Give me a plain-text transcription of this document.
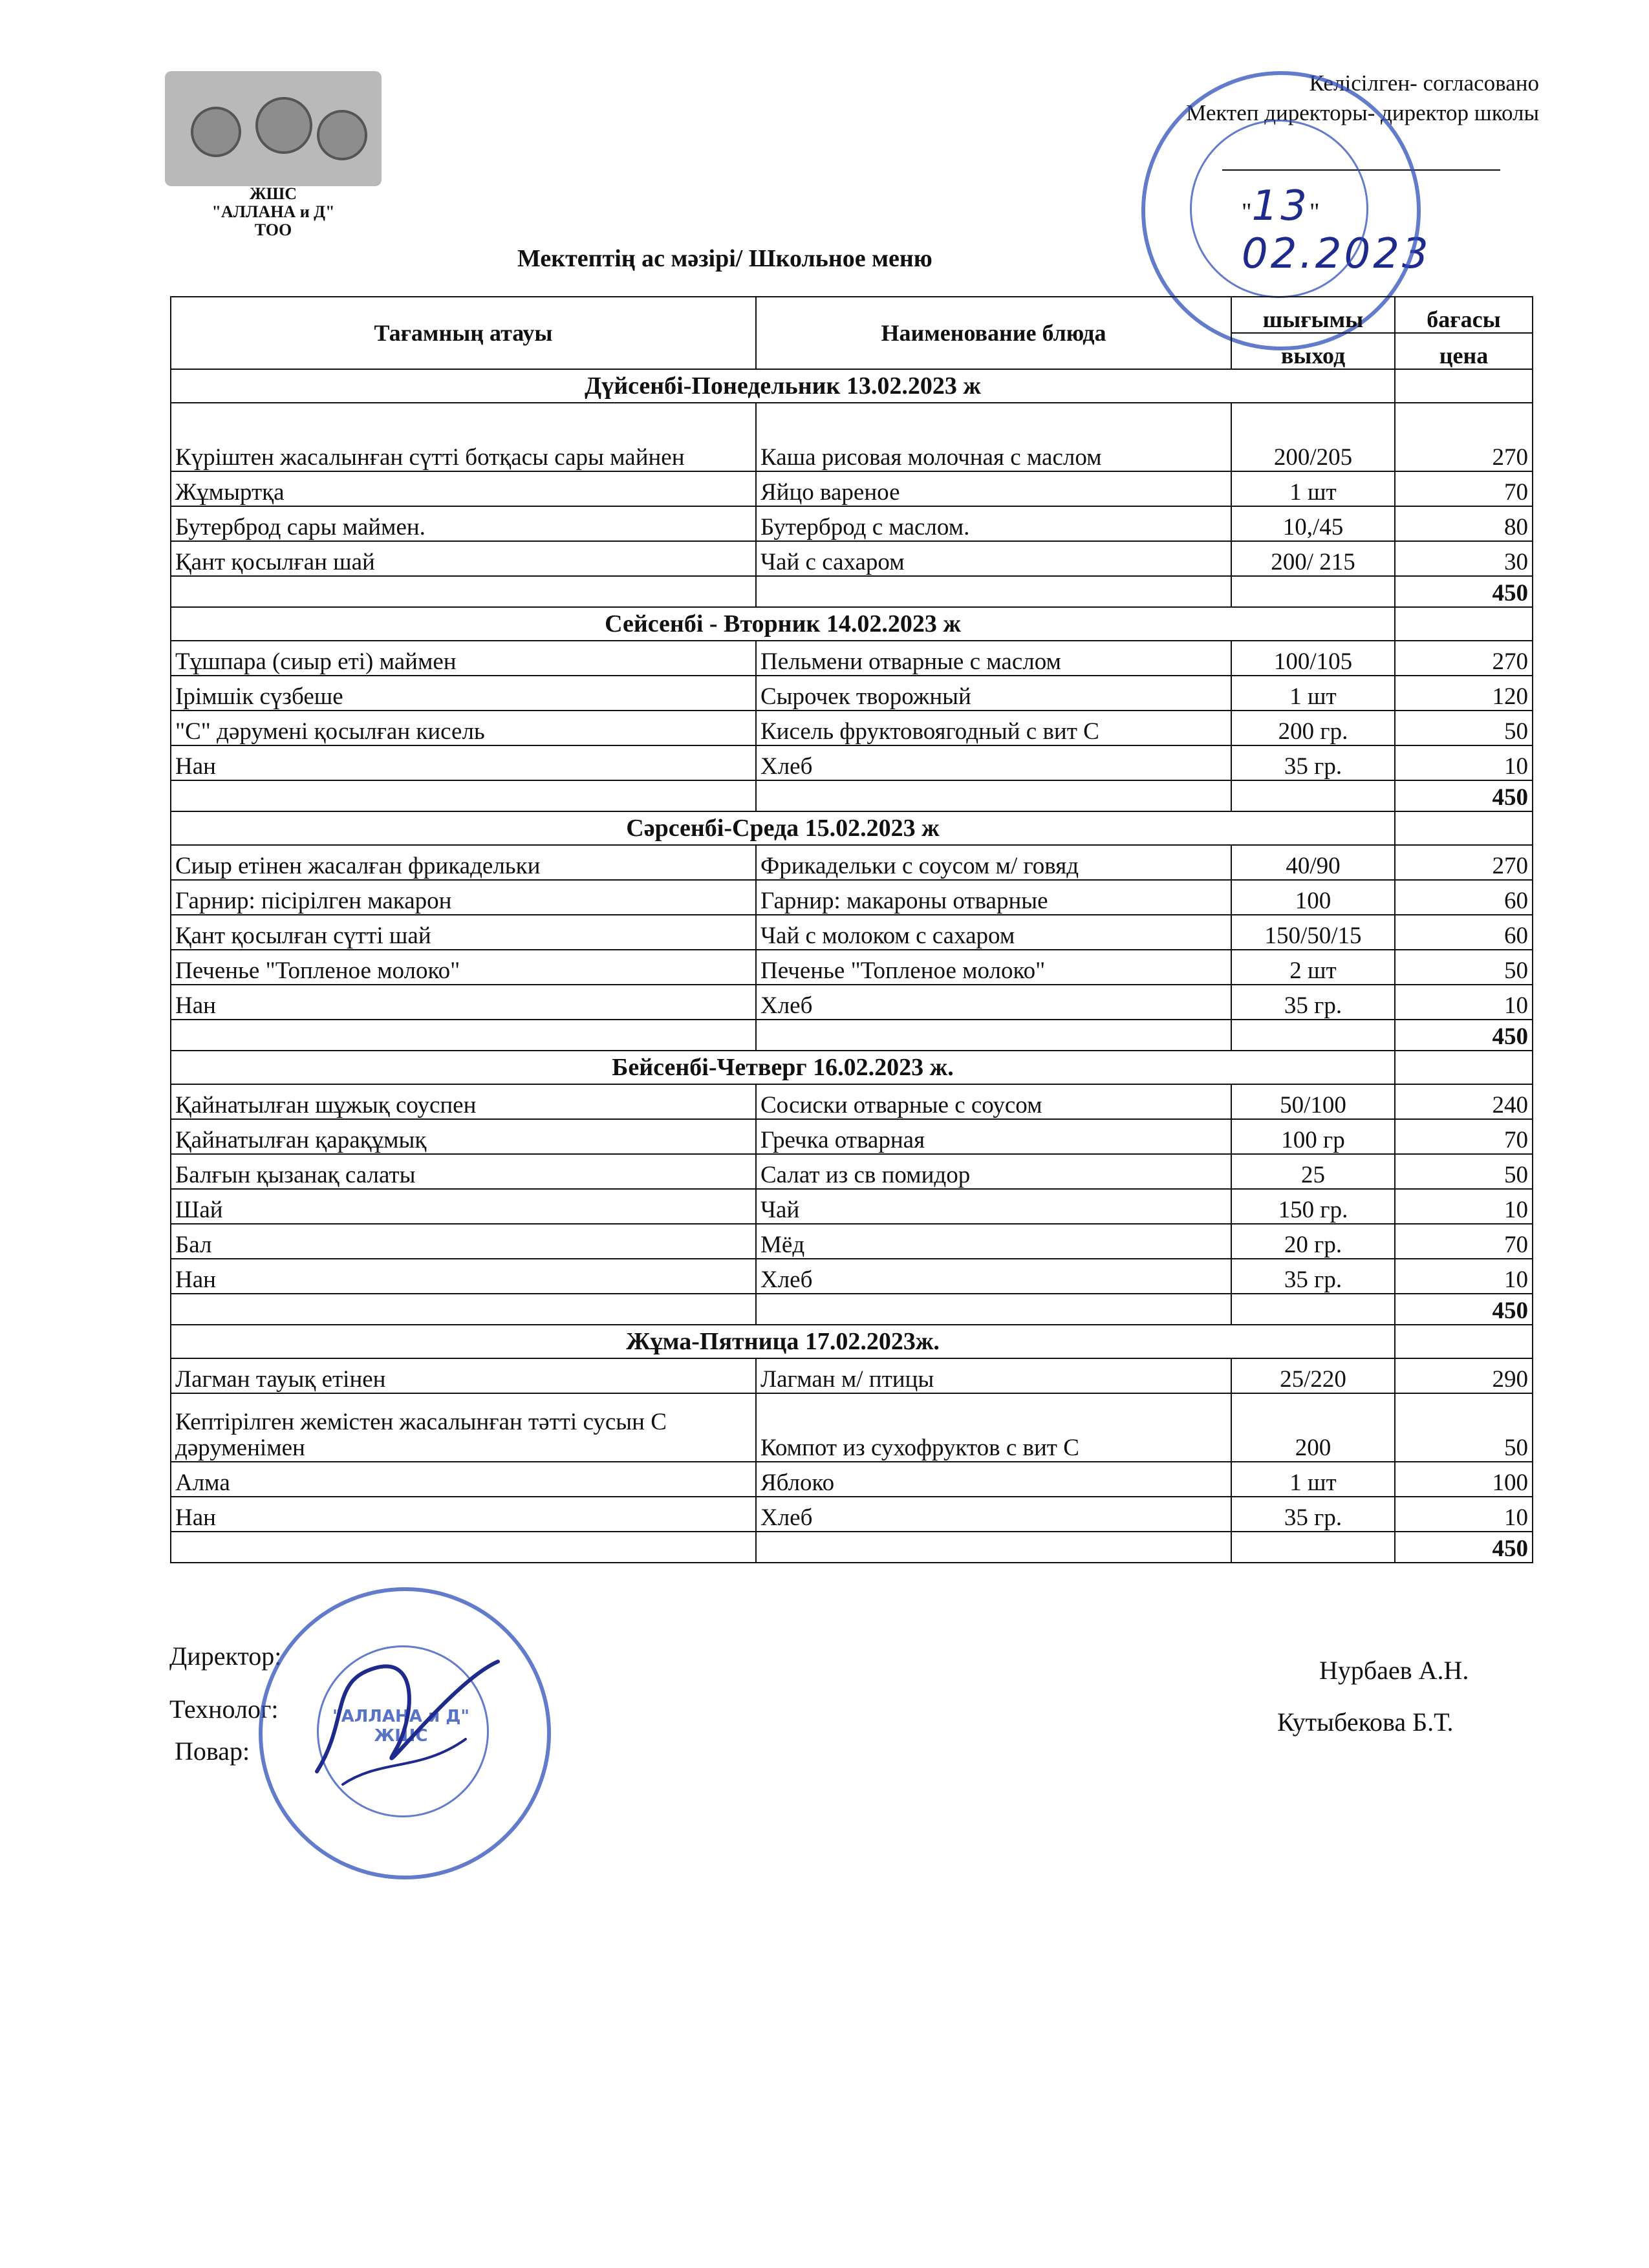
ЖШС
"АЛЛАНА и Д"
ТОО
Келісілген- согласовано
Мектеп директоры- директор школы
"13" 02.2023
Мектептің ас мәзірі/ Школьное меню
Тағамның атауы	Наименование блюда	шығымы	бағасы
		выход	цена
Дүйсенбі-Понедельник 13.02.2023 ж			
Күріштен жасалынған сүтті ботқасы сары майнен	Каша рисовая молочная с маслом	200/205	270
Жұмыртқа	Яйцо вареное	1 шт	70
Бутерброд сары маймен.	Бутерброд с маслом.	10,/45	80
Қант қосылған шай	Чай с сахаром	200/ 215	30
			450
Сейсенбі - Вторник 14.02.2023 ж			
Тұшпара (сиыр еті) маймен	Пельмени отварные с маслом	100/105	270
Ірімшік сүзбеше	Сырочек творожный	1 шт	120
"С" дәрумені қосылған кисель	Кисель фруктовоягодный с вит С	200 гр.	50
Нан	Хлеб	35 гр.	10
			450
Сәрсенбі-Среда 15.02.2023 ж			
Сиыр етінен жасалған фрикадельки	Фрикадельки с соусом м/ говяд	40/90	270
Гарнир: пісірілген макарон	Гарнир: макароны отварные	100	60
Қант қосылған сүтті шай	Чай с молоком с сахаром	150/50/15	60
Печенье "Топленое молоко"	Печенье "Топленое молоко"	2 шт	50
Нан	Хлеб	35 гр.	10
			450
Бейсенбі-Четверг 16.02.2023 ж.			
Қайнатылған шұжық соуспен	Сосиски отварные с соусом	50/100	240
Қайнатылған қарақұмық	Гречка отварная	100 гр	70
Балғын қызанақ салаты	Салат из св помидор	25	50
Шай	Чай	150 гр.	10
Бал	Мёд	20 гр.	70
Нан	Хлеб	35 гр.	10
			450
Жұма-Пятница 17.02.2023ж.			
Лагман тауық етінен	Лагман м/ птицы	25/220	290
Кептірілген жемістен жасалынған тәтті сусын С дәруменімен	Компот из сухофруктов с вит С	200	50
Алма	Яблоко	1 шт	100
Нан	Хлеб	35 гр.	10
			450
Директор:
Технолог:
Повар:
Нурбаев А.Н.
Кутыбекова Б.Т.
"АЛЛАНА и Д"
ЖШС
